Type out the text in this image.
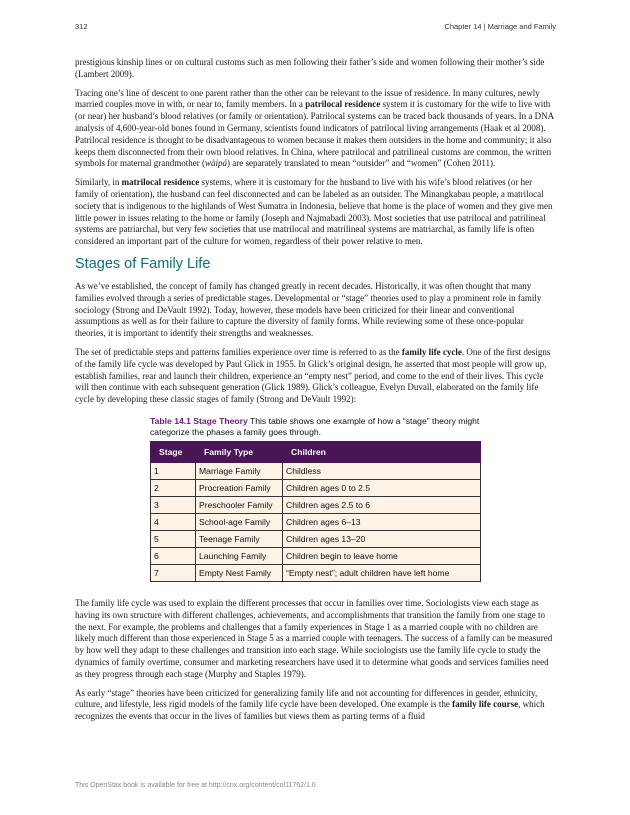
312	Chapter 14 | Marriage and Family

prestigious kinship lines or on cultural customs such as men following their father’s side and women following their mother’s side (Lambert 2009).

Tracing one’s line of descent to one parent rather than the other can be relevant to the issue of residence. In many cultures, newly married couples move in with, or near to, family members. In a patrilocal residence system it is customary for the wife to live with (or near) her husband’s blood relatives (or family or orientation). Patrilocal systems can be traced back thousands of years. In a DNA analysis of 4,600-year-old bones found in Germany, scientists found indicators of patrilocal living arrangements (Haak et al 2008). Patrilocal residence is thought to be disadvantageous to women because it makes them outsiders in the home and community; it also keeps them disconnected from their own blood relatives. In China, where patrilocal and patrilineal customs are common, the written symbols for maternal grandmother (wàipá) are separately translated to mean “outsider” and “women” (Cohen 2011).

Similarly, in matrilocal residence systems, where it is customary for the husband to live with his wife’s blood relatives (or her family of orientation), the husband can feel disconnected and can be labeled as an outsider. The Minangkabau people, a matrilocal society that is indigenous to the highlands of West Sumatra in Indonesia, believe that home is the place of women and they give men little power in issues relating to the home or family (Joseph and Najmabadi 2003). Most societies that use patrilocal and patrilineal systems are patriarchal, but very few societies that use matrilocal and matrilineal systems are matriarchal, as family life is often considered an important part of the culture for women, regardless of their power relative to men.

Stages of Family Life

As we’ve established, the concept of family has changed greatly in recent decades. Historically, it was often thought that many families evolved through a series of predictable stages. Developmental or “stage” theories used to play a prominent role in family sociology (Strong and DeVault 1992). Today, however, these models have been criticized for their linear and conventional assumptions as well as for their failure to capture the diversity of family forms. While reviewing some of these once-popular theories, it is important to identify their strengths and weaknesses.

The set of predictable steps and patterns families experience over time is referred to as the family life cycle. One of the first designs of the family life cycle was developed by Paul Glick in 1955. In Glick’s original design, he asserted that most people will grow up, establish families, rear and launch their children, experience an “empty nest” period, and come to the end of their lives. This cycle will then continue with each subsequent generation (Glick 1989). Glick’s colleague, Evelyn Duvall, elaborated on the family life cycle by developing these classic stages of family (Strong and DeVault 1992):

Table 14.1 Stage Theory This table shows one example of how a “stage” theory might categorize the phases a family goes through.
Stage	Family Type	Children
1	Marriage Family	Childless
2	Procreation Family	Children ages 0 to 2.5
3	Preschooler Family	Children ages 2.5 to 6
4	School-age Family	Children ages 6–13
5	Teenage Family	Children ages 13–20
6	Launching Family	Children begin to leave home
7	Empty Nest Family	“Empty nest”; adult children have left home

The family life cycle was used to explain the different processes that occur in families over time. Sociologists view each stage as having its own structure with different challenges, achievements, and accomplishments that transition the family from one stage to the next. For example, the problems and challenges that a family experiences in Stage 1 as a married couple with no children are likely much different than those experienced in Stage 5 as a married couple with teenagers. The success of a family can be measured by how well they adapt to these challenges and transition into each stage. While sociologists use the family life cycle to study the dynamics of family overtime, consumer and marketing researchers have used it to determine what goods and services families need as they progress through each stage (Murphy and Staples 1979).

As early “stage” theories have been criticized for generalizing family life and not accounting for differences in gender, ethnicity, culture, and lifestyle, less rigid models of the family life cycle have been developed. One example is the family life course, which recognizes the events that occur in the lives of families but views them as parting terms of a fluid

This OpenStax book is available for free at http://cnx.org/content/col11762/1.6
